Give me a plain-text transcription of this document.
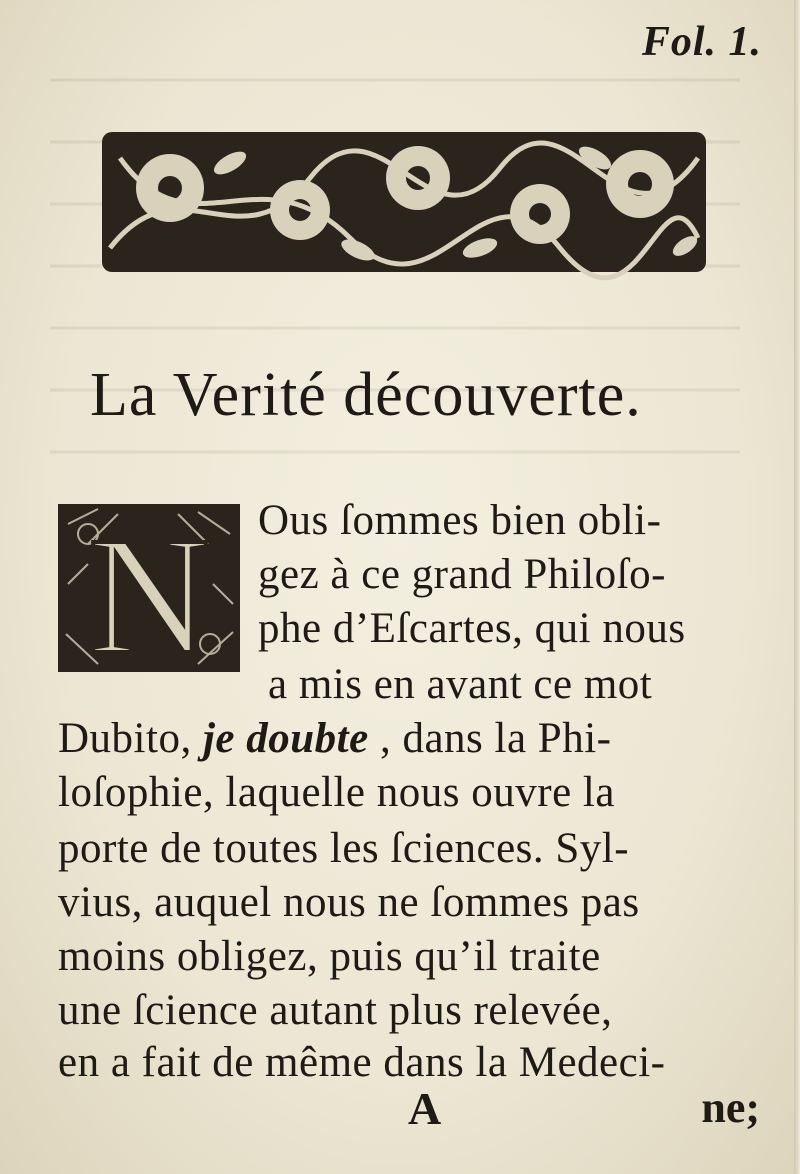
Fol. 1.
La Verité découverte.
N Ous ſommes bien obli-
gez à ce grand Philoſo-
phe d’Eſcartes, qui nous
a mis en avant ce mot
Dubito, je doubte , dans la Phi-
loſophie, laquelle nous ouvre la
porte de toutes les ſciences. Syl-
vius, auquel nous ne ſommes pas
moins obligez, puis qu’il traite
une ſcience autant plus relevée,
en a fait de même dans la Medeci-
A	ne;
